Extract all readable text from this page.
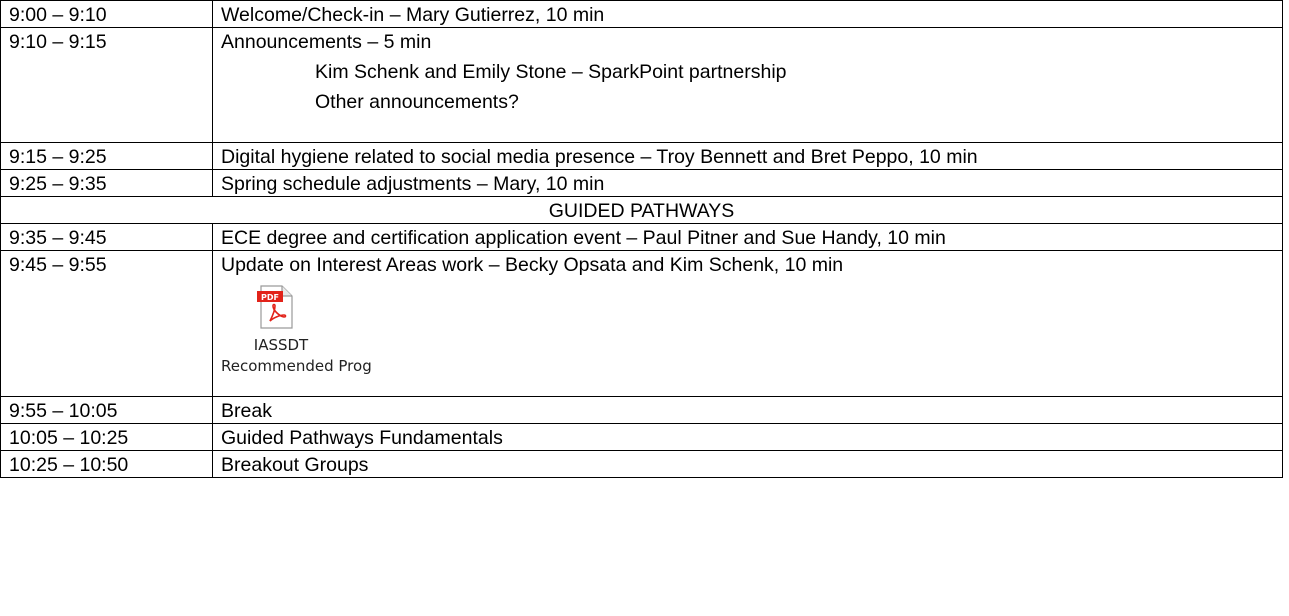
9:00 – 9:10	Welcome/Check-in – Mary Gutierrez, 10 min
9:10 – 9:15	Announcements – 5 min
Kim Schenk and Emily Stone – SparkPoint partnership
Other announcements?

9:15 – 9:25	Digital hygiene related to social media presence – Troy Bennett and Bret Peppo, 10 min
9:25 – 9:35	Spring schedule adjustments – Mary, 10 min
GUIDED PATHWAYS	
9:35 – 9:45	ECE degree and certification application event – Paul Pitner and Sue Handy, 10 min
9:45 – 9:55	Update on Interest Areas work – Becky Opsata and Kim Schenk, 10 min
PDF
IASSDT
Recommended Prog

9:55 – 10:05	Break
10:05 – 10:25	Guided Pathways Fundamentals
10:25 – 10:50	Breakout Groups
